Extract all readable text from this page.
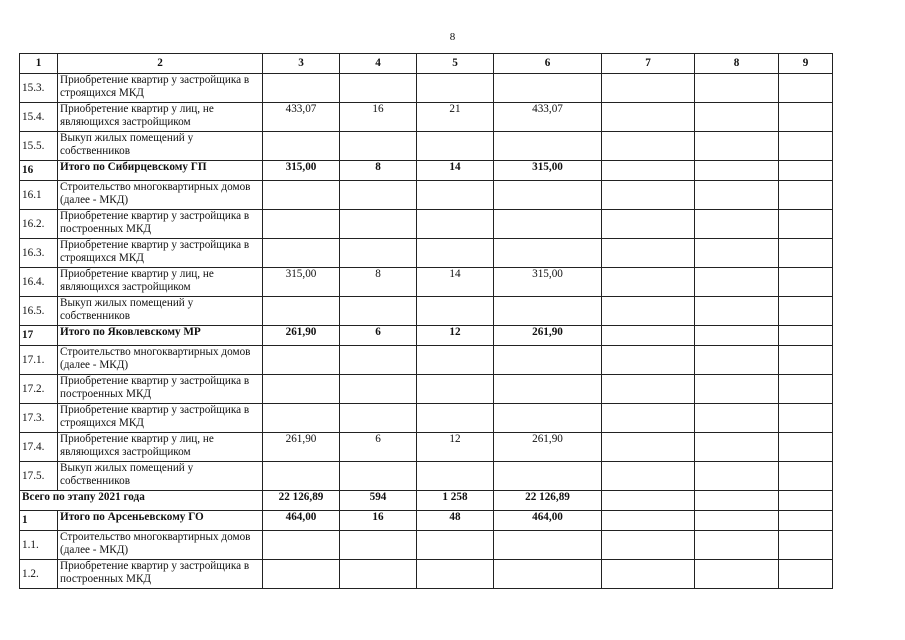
8
1	2	3	4	5	6	7	8	9
15.3.	Приобретение квартир у застройщика в строящихся МКД							
15.4.	Приобретение квартир у лиц, не являющихся застройщиком	433,07	16	21	433,07			
15.5.	Выкуп жилых помещений у собственников							
16	Итого по Сибирцевскому ГП	315,00	8	14	315,00			
16.1	Строительство многоквартирных домов (далее - МКД)							
16.2.	Приобретение квартир у застройщика в построенных МКД							
16.3.	Приобретение квартир у застройщика в строящихся МКД							
16.4.	Приобретение квартир у лиц, не являющихся застройщиком	315,00	8	14	315,00			
16.5.	Выкуп жилых помещений у собственников							
17	Итого по Яковлевскому МР	261,90	6	12	261,90			
17.1.	Строительство многоквартирных домов (далее - МКД)							
17.2.	Приобретение квартир у застройщика в построенных МКД							
17.3.	Приобретение квартир у застройщика в строящихся МКД							
17.4.	Приобретение квартир у лиц, не являющихся застройщиком	261,90	6	12	261,90			
17.5.	Выкуп жилых помещений у собственников							
Всего по этапу 2021 года		22 126,89	594	1 258	22 126,89			
1	Итого по Арсеньевскому ГО	464,00	16	48	464,00			
1.1.	Строительство многоквартирных домов (далее - МКД)							
1.2.	Приобретение квартир у застройщика в построенных МКД							
